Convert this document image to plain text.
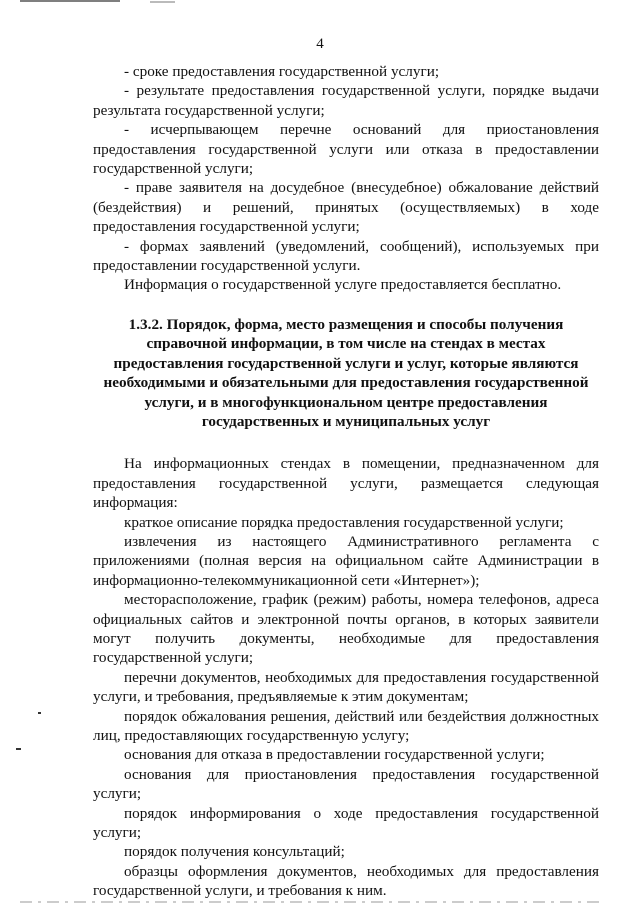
4

- сроке предоставления государственной услуги;

- результате предоставления государственной услуги, порядке выдачи результата государственной услуги;

- исчерпывающем перечне оснований для приостановления предоставления государственной услуги или отказа в предоставлении государственной услуги;

- праве заявителя на досудебное (внесудебное) обжалование действий (бездействия) и решений, принятых (осуществляемых) в ходе предоставления государственной услуги;

- формах заявлений (уведомлений, сообщений), используемых при предоставлении государственной услуги.

Информация о государственной услуге предоставляется бесплатно.

1.3.2. Порядок, форма, место размещения и способы получения справочной информации, в том числе на стендах в местах предоставления государственной услуги и услуг, которые являются необходимыми и обязательными для предоставления государственной услуги, и в многофункциональном центре предоставления государственных и муниципальных услуг

На информационных стендах в помещении, предназначенном для предоставления государственной услуги, размещается следующая информация:

краткое описание порядка предоставления государственной услуги;

извлечения из настоящего Административного регламента с приложениями (полная версия на официальном сайте Администрации в информационно-телекоммуникационной сети «Интернет»);

месторасположение, график (режим) работы, номера телефонов, адреса официальных сайтов и электронной почты органов, в которых заявители могут получить документы, необходимые для предоставления государственной услуги;

перечни документов, необходимых для предоставления государственной услуги, и требования, предъявляемые к этим документам;

порядок обжалования решения, действий или бездействия должностных лиц, предоставляющих государственную услугу;

основания для отказа в предоставлении государственной услуги;

основания для приостановления предоставления государственной услуги;

порядок информирования о ходе предоставления государственной услуги;

порядок получения консультаций;

образцы оформления документов, необходимых для предоставления государственной услуги, и требования к ним.
